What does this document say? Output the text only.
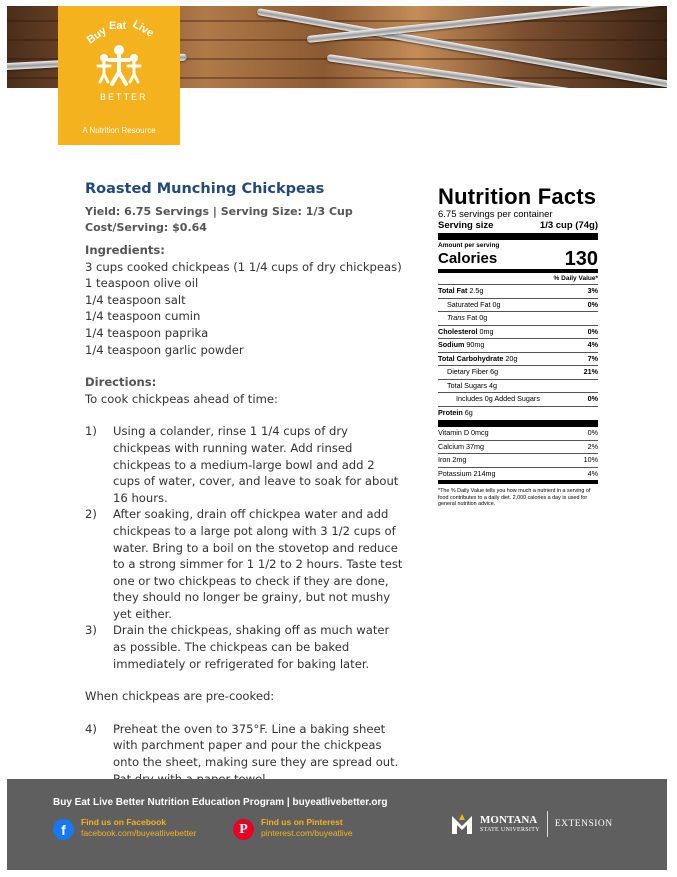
Buy Eat Live
BETTER
A Nutrition Resource
Roasted Munching Chickpeas
Yield: 6.75 Servings | Serving Size: 1/3 Cup
Cost/Serving: $0.64
Ingredients:
3 cups cooked chickpeas (1 1/4 cups of dry chickpeas)
1 teaspoon olive oil
1/4 teaspoon salt
1/4 teaspoon cumin
1/4 teaspoon paprika
1/4 teaspoon garlic powder
Directions:
To cook chickpeas ahead of time:
1) Using a colander, rinse 1 1/4 cups of dry chickpeas with running water. Add rinsed chickpeas to a medium-large bowl and add 2 cups of water, cover, and leave to soak for about 16 hours.
2) After soaking, drain off chickpea water and add chickpeas to a large pot along with 3 1/2 cups of water. Bring to a boil on the stovetop and reduce to a strong simmer for 1 1/2 to 2 hours. Taste test one or two chickpeas to check if they are done, they should no longer be grainy, but not mushy yet either.
3) Drain the chickpeas, shaking off as much water as possible. The chickpeas can be baked immediately or refrigerated for baking later.
When chickpeas are pre-cooked:
4) Preheat the oven to 375°F. Line a baking sheet with parchment paper and pour the chickpeas onto the sheet, making sure they are spread out.
Nutrition Facts
6.75 servings per container
Serving size	1/3 cup (74g)
Amount per serving
Calories	130
% Daily Value*
Total Fat 2.5g	3%
Saturated Fat 0g	0%
Trans Fat 0g
Cholesterol 0mg	0%
Sodium 90mg	4%
Total Carbohydrate 20g	7%
Dietary Fiber 6g	21%
Total Sugars 4g
Includes 0g Added Sugars	0%
Protein 6g
Vitamin D 0mcg	0%
Calcium 37mg	2%
Iron 2mg	10%
Potassium 214mg	4%
*The % Daily Value tells you how much a nutrient in a serving of food contributes to a daily diet. 2,000 calories a day is used for general nutrition advice.
Buy Eat Live Better Nutrition Education Program | buyeatlivebetter.org
f	Find us on Facebook
facebook.com/buyeatlivebetter	P	Find us on Pinterest
pinterest.com/buyeatlive
MONTANA
STATE UNIVERSITY
EXTENSION
